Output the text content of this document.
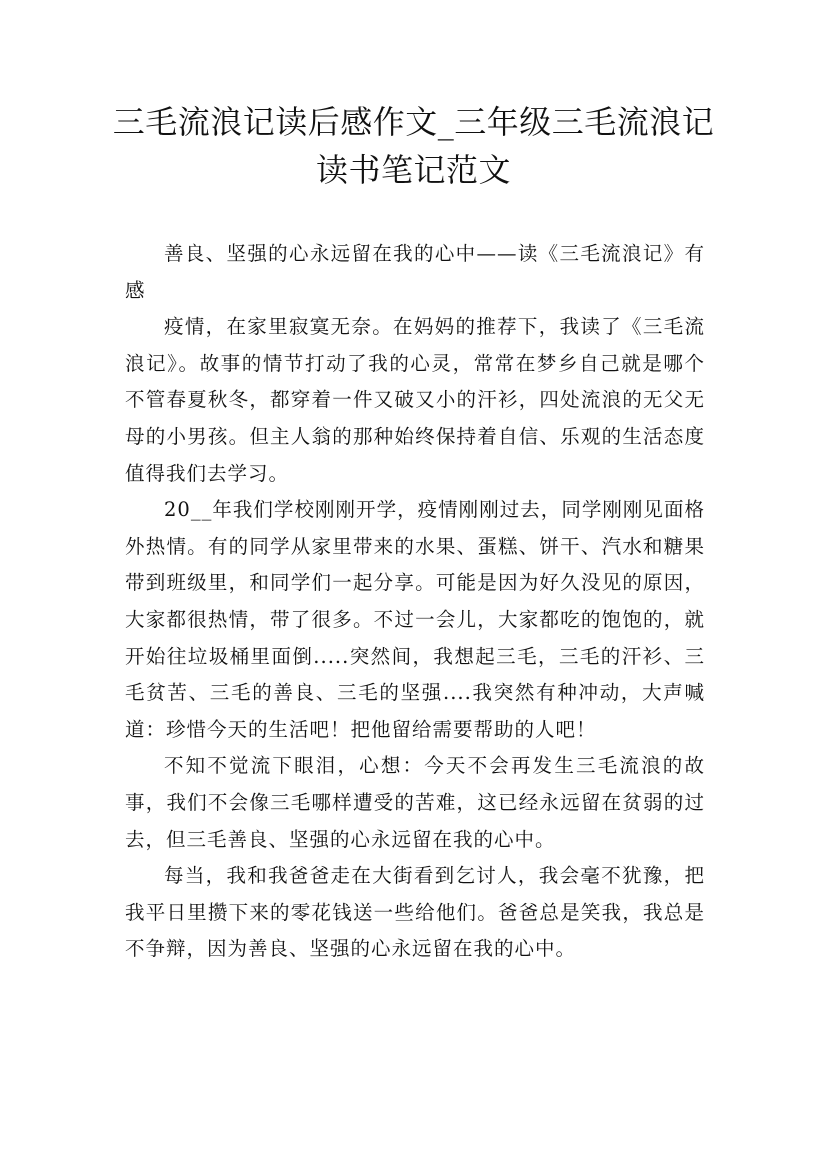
三毛流浪记读后感作文_三年级三毛流浪记读书笔记范文

善良、坚强的心永远留在我的心中——读《三毛流浪记》有感

疫情，在家里寂寞无奈。在妈妈的推荐下，我读了《三毛流浪记》。故事的情节打动了我的心灵，常常在梦乡自己就是哪个不管春夏秋冬，都穿着一件又破又小的汗衫，四处流浪的无父无母的小男孩。但主人翁的那种始终保持着自信、乐观的生活态度值得我们去学习。

20__年我们学校刚刚开学，疫情刚刚过去，同学刚刚见面格外热情。有的同学从家里带来的水果、蛋糕、饼干、汽水和糖果带到班级里，和同学们一起分享。可能是因为好久没见的原因，大家都很热情，带了很多。不过一会儿，大家都吃的饱饱的，就开始往垃圾桶里面倒.....突然间，我想起三毛，三毛的汗衫、三毛贫苦、三毛的善良、三毛的坚强....我突然有种冲动，大声喊道：珍惜今天的生活吧！把他留给需要帮助的人吧！

不知不觉流下眼泪，心想：今天不会再发生三毛流浪的故事，我们不会像三毛哪样遭受的苦难，这已经永远留在贫弱的过去，但三毛善良、坚强的心永远留在我的心中。

每当，我和我爸爸走在大街看到乞讨人，我会毫不犹豫，把我平日里攒下来的零花钱送一些给他们。爸爸总是笑我，我总是不争辩，因为善良、坚强的心永远留在我的心中。
